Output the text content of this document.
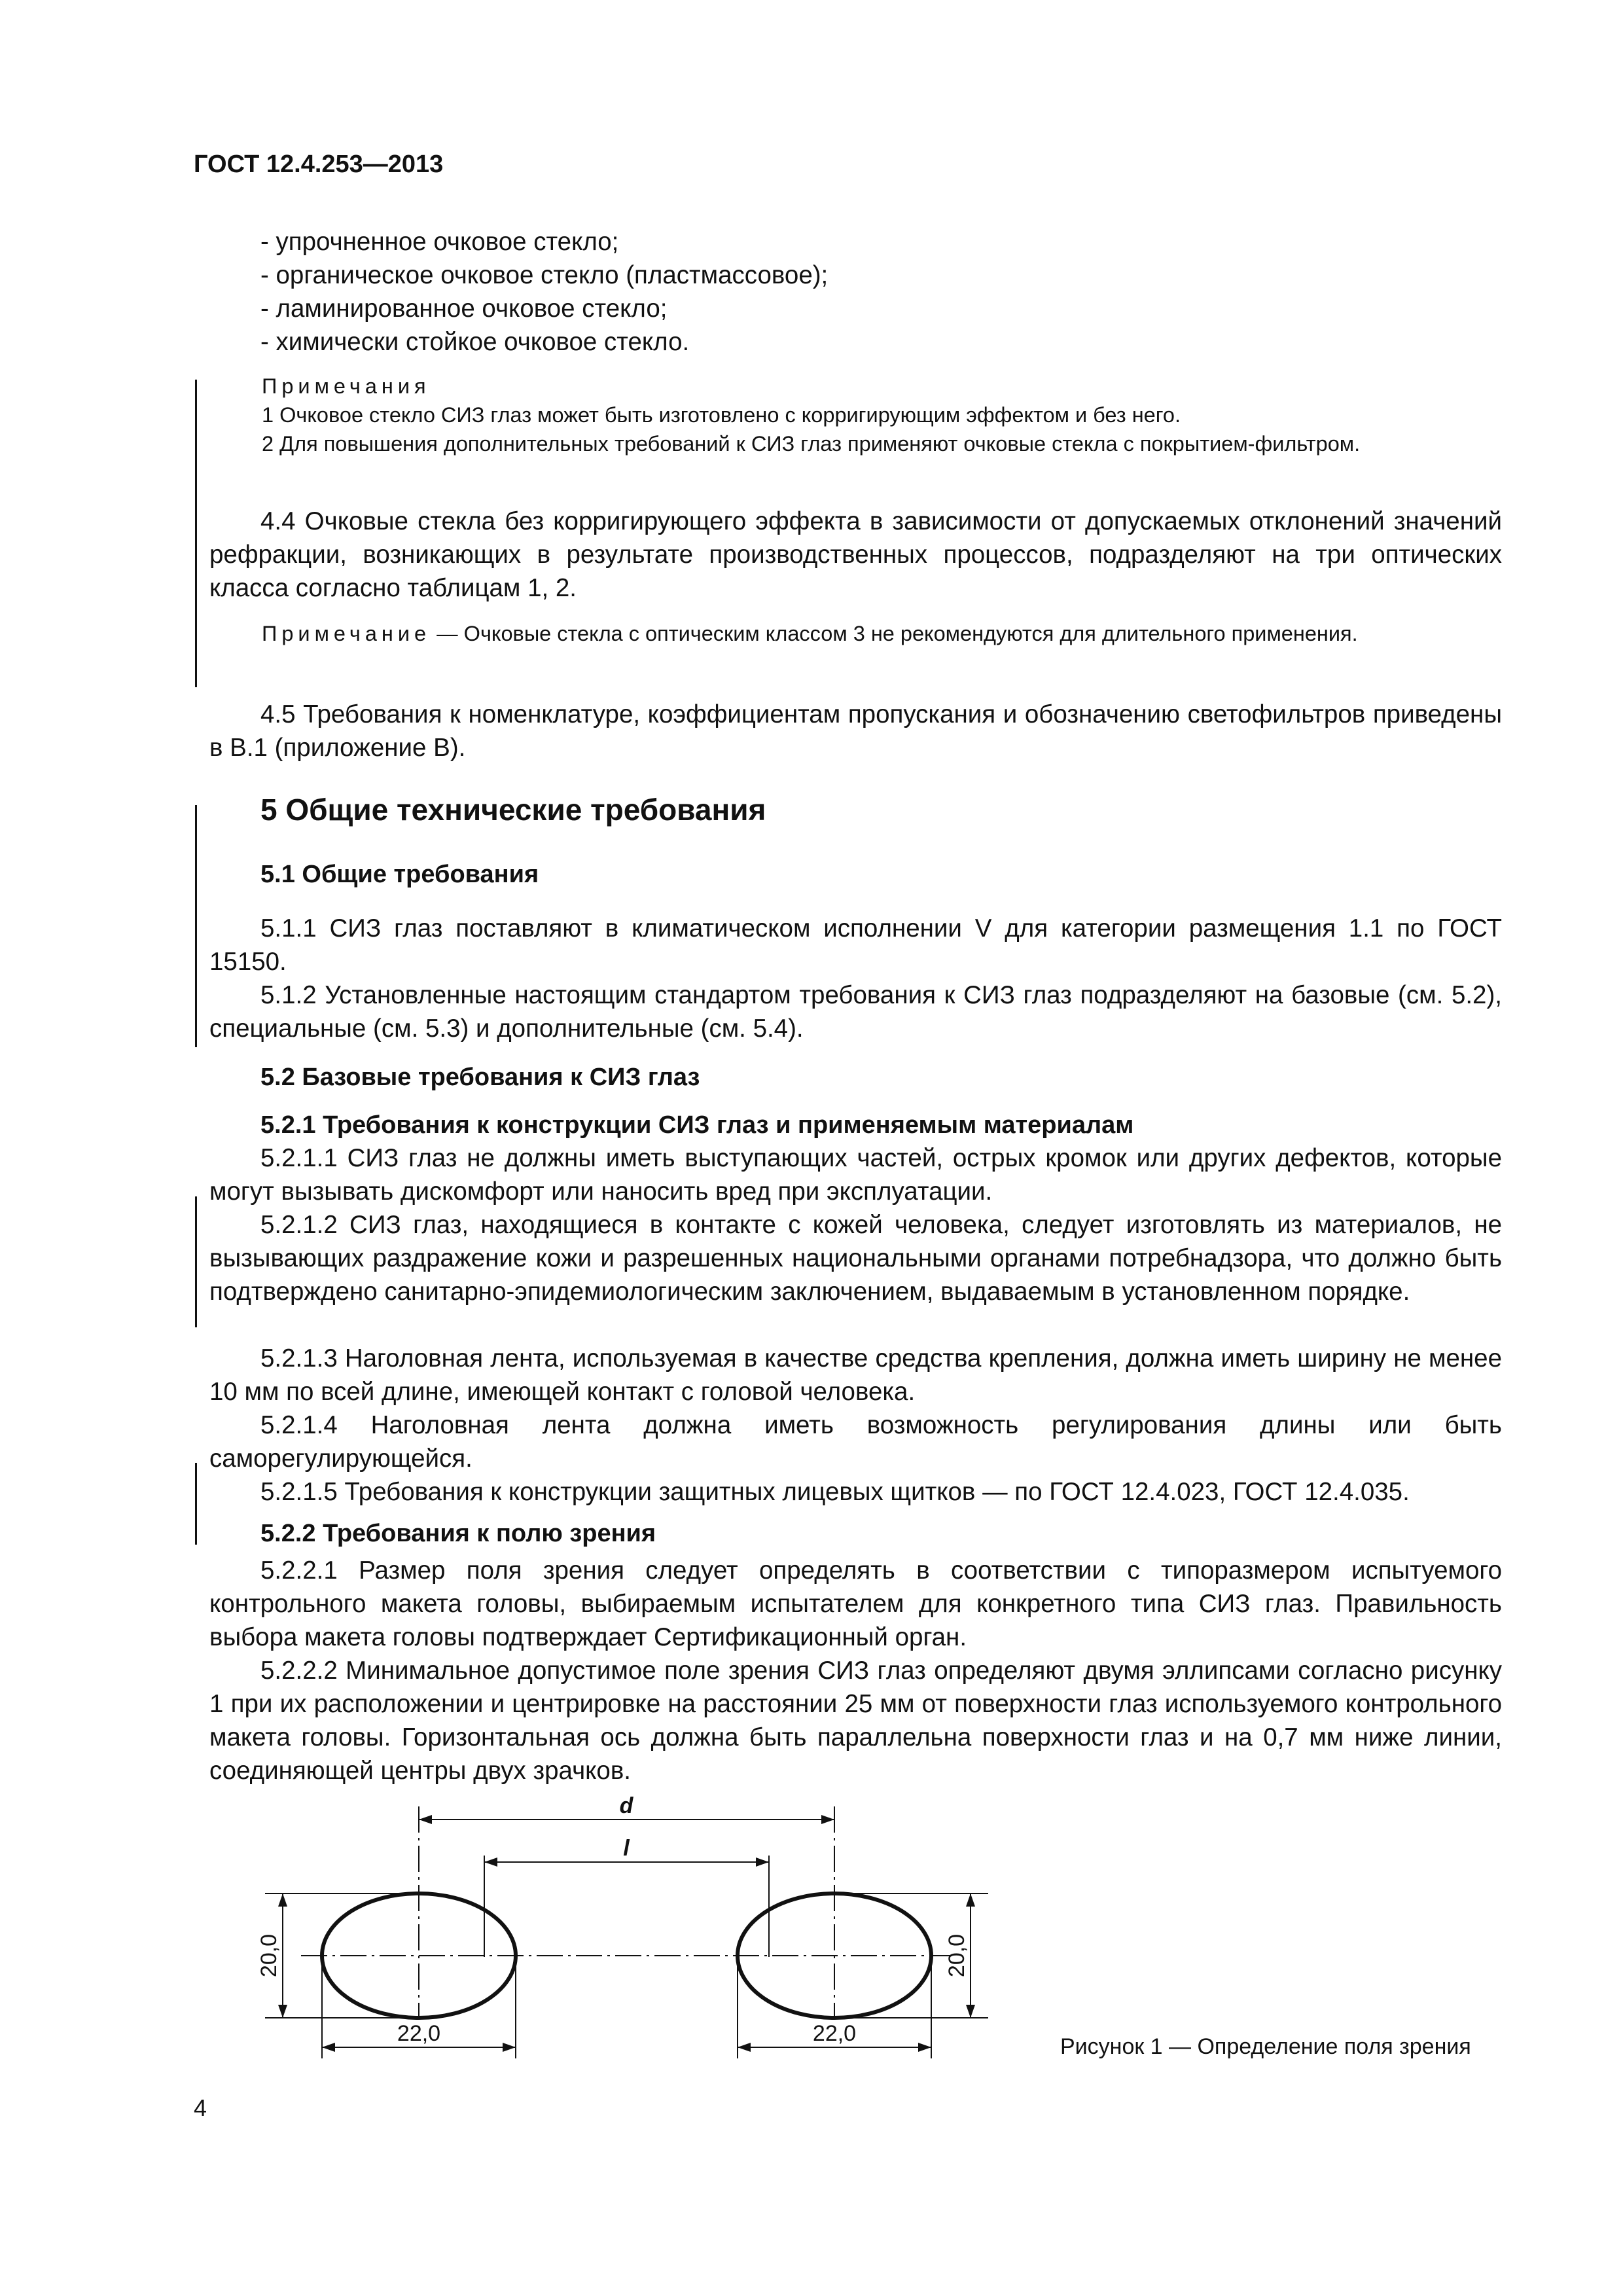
ГОСТ 12.4.253—2013
- упрочненное очковое стекло;
- органическое очковое стекло (пластмассовое);
- ламинированное очковое стекло;
- химически стойкое очковое стекло.
Примечания
1 Очковое стекло СИЗ глаз может быть изготовлено с корригирующим эффектом и без него.
2 Для повышения дополнительных требований к СИЗ глаз применяют очковые стекла с покрытием-фильтром.
4.4 Очковые стекла без корригирующего эффекта в зависимости от допускаемых отклонений значений рефракции, возникающих в результате производственных процессов, подразделяют на три оптических класса согласно таблицам 1, 2.
Примечание — Очковые стекла с оптическим классом 3 не рекомендуются для длительного применения.
4.5 Требования к номенклатуре, коэффициентам пропускания и обозначению светофильтров приведены в В.1 (приложение В).
5 Общие технические требования
5.1 Общие требования
5.1.1 СИЗ глаз поставляют в климатическом исполнении V для категории размещения 1.1 по ГОСТ 15150.
5.1.2 Установленные настоящим стандартом требования к СИЗ глаз подразделяют на базовые (см. 5.2), специальные (см. 5.3) и дополнительные (см. 5.4).
5.2 Базовые требования к СИЗ глаз
5.2.1 Требования к конструкции СИЗ глаз и применяемым материалам
5.2.1.1 СИЗ глаз не должны иметь выступающих частей, острых кромок или других дефектов, которые могут вызывать дискомфорт или наносить вред при эксплуатации.
5.2.1.2 СИЗ глаз, находящиеся в контакте с кожей человека, следует изготовлять из материалов, не вызывающих раздражение кожи и разрешенных национальными органами потребнадзора, что должно быть подтверждено санитарно-эпидемиологическим заключением, выдаваемым в установленном порядке.
5.2.1.3 Наголовная лента, используемая в качестве средства крепления, должна иметь ширину не менее 10 мм по всей длине, имеющей контакт с головой человека.
5.2.1.4 Наголовная лента должна иметь возможность регулирования длины или быть саморегулирующейся.
5.2.1.5 Требования к конструкции защитных лицевых щитков — по ГОСТ 12.4.023, ГОСТ 12.4.035.
5.2.2 Требования к полю зрения
5.2.2.1 Размер поля зрения следует определять в соответствии с типоразмером испытуемого контрольного макета головы, выбираемым испытателем для конкретного типа СИЗ глаз. Правильность выбора макета головы подтверждает Сертификационный орган.
5.2.2.2 Минимальное допустимое поле зрения СИЗ глаз определяют двумя эллипсами согласно рисунку 1 при их расположении и центрировке на расстоянии 25 мм от поверхности глаз используемого контрольного макета головы. Горизонтальная ось должна быть параллельна поверхности глаз и на 0,7 мм ниже линии, соединяющей центры двух зрачков.
d
l
20,0	20,0
22,0	22,0
Рисунок 1 — Определение поля зрения
4
